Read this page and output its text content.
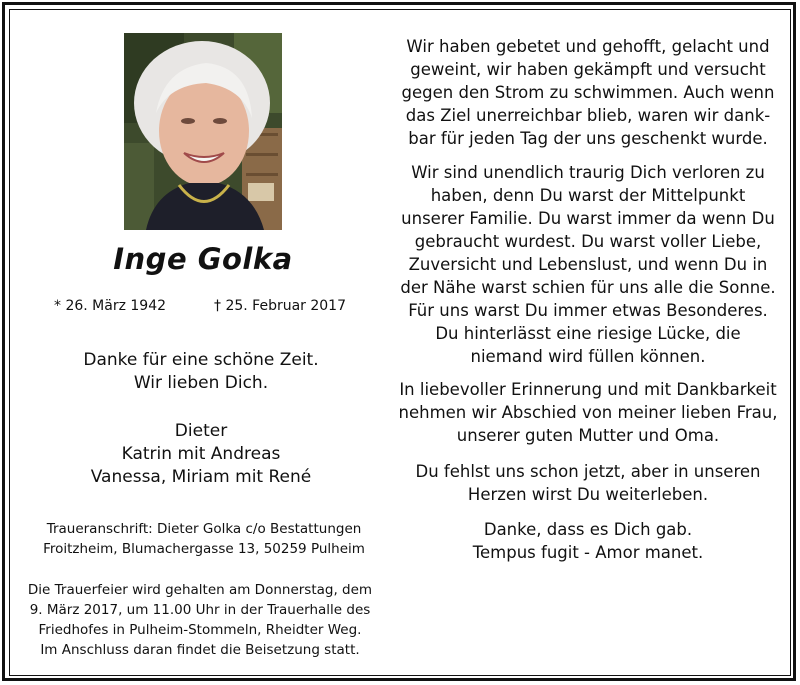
Inge Golka
* 26. März 1942	† 25. Februar 2017
Danke für eine schöne Zeit.
Wir lieben Dich.
Dieter
Katrin mit Andreas
Vanessa, Miriam mit René
Traueranschrift: Dieter Golka c/o Bestattungen
Froitzheim, Blumachergasse 13, 50259 Pulheim
Die Trauerfeier wird gehalten am Donnerstag, dem
9. März 2017, um 11.00 Uhr in der Trauerhalle des
Friedhofes in Pulheim-Stommeln, Rheidter Weg.
Im Anschluss daran findet die Beisetzung statt.
Wir haben gebetet und gehofft, gelacht und
geweint, wir haben gekämpft und versucht
gegen den Strom zu schwimmen. Auch wenn
das Ziel unerreichbar blieb, waren wir dank-
bar für jeden Tag der uns geschenkt wurde.
Wir sind unendlich traurig Dich verloren zu
haben, denn Du warst der Mittelpunkt
unserer Familie. Du warst immer da wenn Du
gebraucht wurdest. Du warst voller Liebe,
Zuversicht und Lebenslust, und wenn Du in
der Nähe warst schien für uns alle die Sonne.
Für uns warst Du immer etwas Besonderes.
Du hinterlässt eine riesige Lücke, die
niemand wird füllen können.
In liebevoller Erinnerung und mit Dankbarkeit
nehmen wir Abschied von meiner lieben Frau,
unserer guten Mutter und Oma.
Du fehlst uns schon jetzt, aber in unseren
Herzen wirst Du weiterleben.
Danke, dass es Dich gab.
Tempus fugit - Amor manet.
